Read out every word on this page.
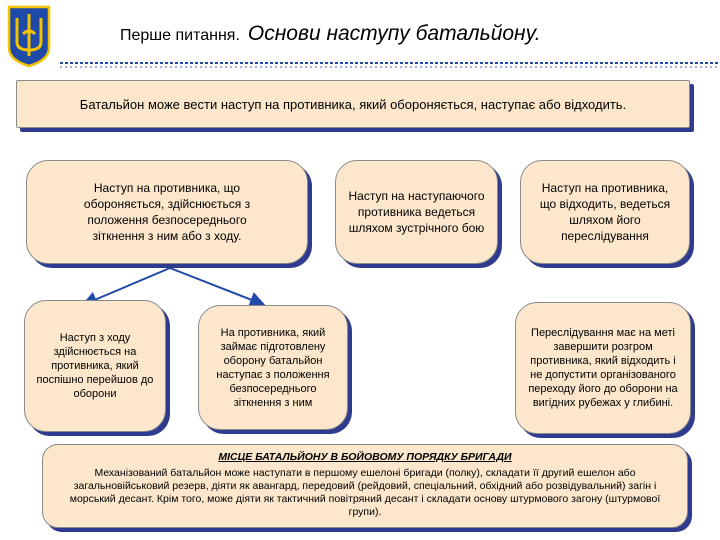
Перше питання. Основи наступу батальйону.
Батальйон може вести наступ на противника, який обороняється, наступає або відходить.
Наступ на противника, що обороняється, здійснюється з положення безпосереднього зіткнення з ним або з ходу.
Наступ на наступаючого противника ведеться шляхом зустрічного бою
Наступ на противника, що відходить, ведеться шляхом його переслідування
Наступ з ходу здійснюється на противника, який поспішно перейшов до оборони
На противника, який займає підготовлену оборону батальйон наступає з положення безпосереднього зіткнення з ним
Переслідування має на меті завершити розгром противника, який відходить і не допустити організованого переходу його до оборони на вигідних рубежах у глибині.
МІСЦЕ БАТАЛЬЙОНУ В БОЙОВОМУ ПОРЯДКУ БРИГАДИ
Механізований батальйон може наступати в першому ешелоні бригади (полку), складати її другий ешелон або загальновійськовий резерв, діяти як авангард, передовий (рейдовий, спеціальний, обхідний або розвідувальний) загін і морський десант. Крім того, може діяти як тактичний повітряний десант і складати основу штурмового загону (штурмової групи).
